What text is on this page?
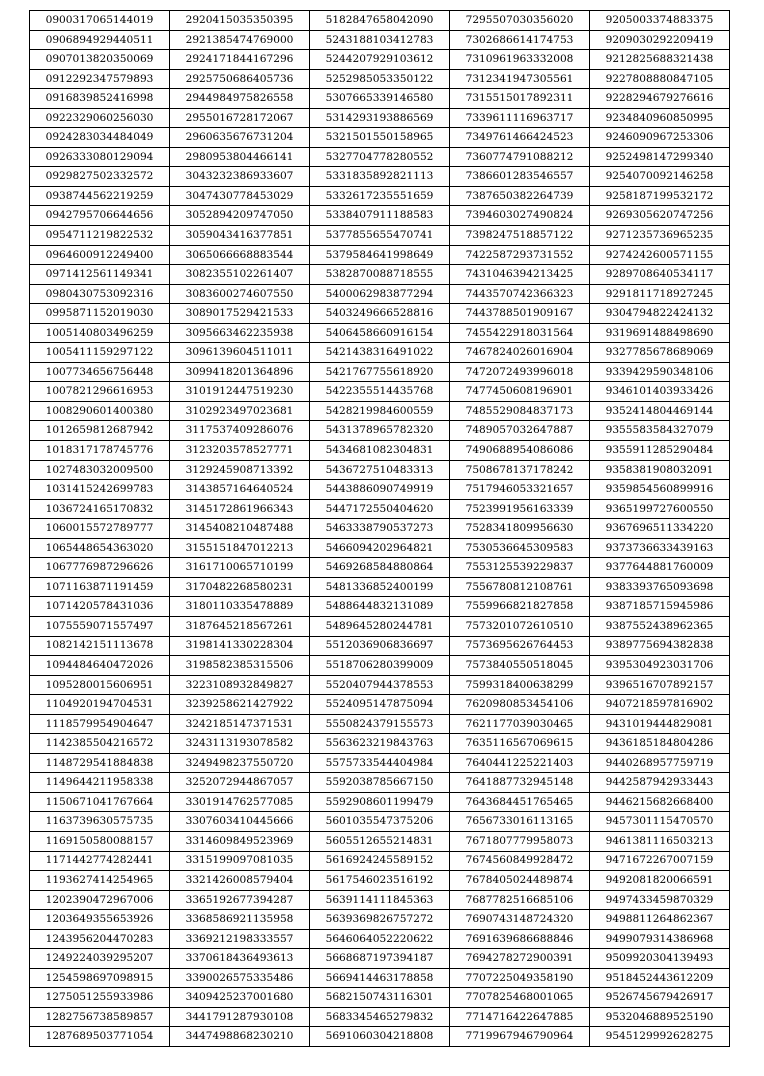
0900317065144019	2920415035350395	5182847658042090	7295507030356020	9205003374883375
0906894929440511	2921385474769000	5243188103412783	7302686614174753	9209030292209419
0907013820350069	2924171844167296	5244207929103612	7310961963332008	9212825688321438
0912292347579893	2925750686405736	5252985053350122	7312341947305561	9227808880847105
0916839852416998	2944984975826558	5307665339146580	7315515017892311	9228294679276616
0922329060256030	2955016728172067	5314293193886569	7339611116963717	9234840960850995
0924283034484049	2960635676731204	5321501550158965	7349761466424523	9246090967253306
0926333080129094	2980953804466141	5327704778280552	7360774791088212	9252498147299340
0929827502332572	3043232386933607	5331835892821113	7386601283546557	9254070092146258
0938744562219259	3047430778453029	5332617235551659	7387650382264739	9258187199532172
0942795706644656	3052894209747050	5338407911188583	7394603027490824	9269305620747256
0954711219822532	3059043416377851	5377855655470741	7398247518857122	9271235736965235
0964600912249400	3065066668883544	5379584641998649	7422587293731552	9274242600571155
0971412561149341	3082355102261407	5382870088718555	7431046394213425	9289708640534117
0980430753092316	3083600274607550	5400062983877294	7443570742366323	9291811718927245
0995871152019030	3089017529421533	5403249666528816	7443788501909167	9304794822424132
1005140803496259	3095663462235938	5406458660916154	7455422918031564	9319691488498690
1005411159297122	3096139604511011	5421438316491022	7467824026016904	9327785678689069
1007734656756448	3099418201364896	5421767755618920	7472072493996018	9339429590348106
1007821296616953	3101912447519230	5422355514435768	7477450608196901	9346101403933426
1008290601400380	3102923497023681	5428219984600559	7485529084837173	9352414804469144
1012659812687942	3117537409286076	5431378965782320	7489057032647887	9355583584327079
1018317178745776	3123203578527771	5434681082304831	7490688954086086	9355911285290484
1027483032009500	3129245908713392	5436727510483313	7508678137178242	9358381908032091
1031415242699783	3143857164640524	5443886090749919	7517946053321657	9359854560899916
1036724165170832	3145172861966343	5447172550404620	7523991956163339	9365199727600550
1060015572789777	3145408210487488	5463338790537273	7528341809956630	9367696511334220
1065448654363020	3155151847012213	5466094202964821	7530536645309583	9373736633439163
1067776987296626	3161710065710199	5469268584880864	7553125539229837	9377644881760009
1071163871191459	3170482268580231	5481336852400199	7556780812108761	9383393765093698
1071420578431036	3180110335478889	5488644832131089	7559966821827858	9387185715945986
1075559071557497	3187645218567261	5489645280244781	7573201072610510	9387552438962365
1082142151113678	3198141330228304	5512036906836697	7573695626764453	9389775694382838
1094484640472026	3198582385315506	5518706280399009	7573840550518045	9395304923031706
1095280015606951	3223108932849827	5520407944378553	7599318400638299	9396516707892157
1104920194704531	3239258621427922	5524095147875094	7620980853454106	9407218597816902
1118579954904647	3242185147371531	5550824379155573	7621177039030465	9431019444829081
1142385504216572	3243113193078582	5563623219843763	7635116567069615	9436185184804286
1148729541884838	3249498237550720	5575733544404984	7640441225221403	9440268957759719
1149644211958338	3252072944867057	5592038785667150	7641887732945148	9442587942933443
1150671041767664	3301914762577085	5592908601199479	7643684451765465	9446215682668400
1163739630575735	3307603410445666	5601035547375206	7656733016113165	9457301115470570
1169150580088157	3314609849523969	5605512655214831	7671807779958073	9461381116503213
1171442774282441	3315199097081035	5616924245589152	7674560849928472	9471672267007159
1193627414254965	3321426008579404	5617546023516192	7678405024489874	9492081820066591
1202390472967006	3365192677394287	5639114111845363	7687782516685106	9497433459870329
1203649355653926	3368586921135958	5639369826757272	7690743148724320	9498811264862367
1243956204470283	3369212198333557	5646064052220622	7691639686688846	9499079314386968
1249224039295207	3370618436493613	5668687197394187	7694278272900391	9509920304139493
1254598697098915	3390026575335486	5669414463178858	7707225049358190	9518452443612209
1275051255933986	3409425237001680	5682150743116301	7707825468001065	9526745679426917
1282756738589857	3441791287930108	5683345465279832	7714716422647885	9532046889525190
1287689503771054	3447498868230210	5691060304218808	7719967946790964	9545129992628275
